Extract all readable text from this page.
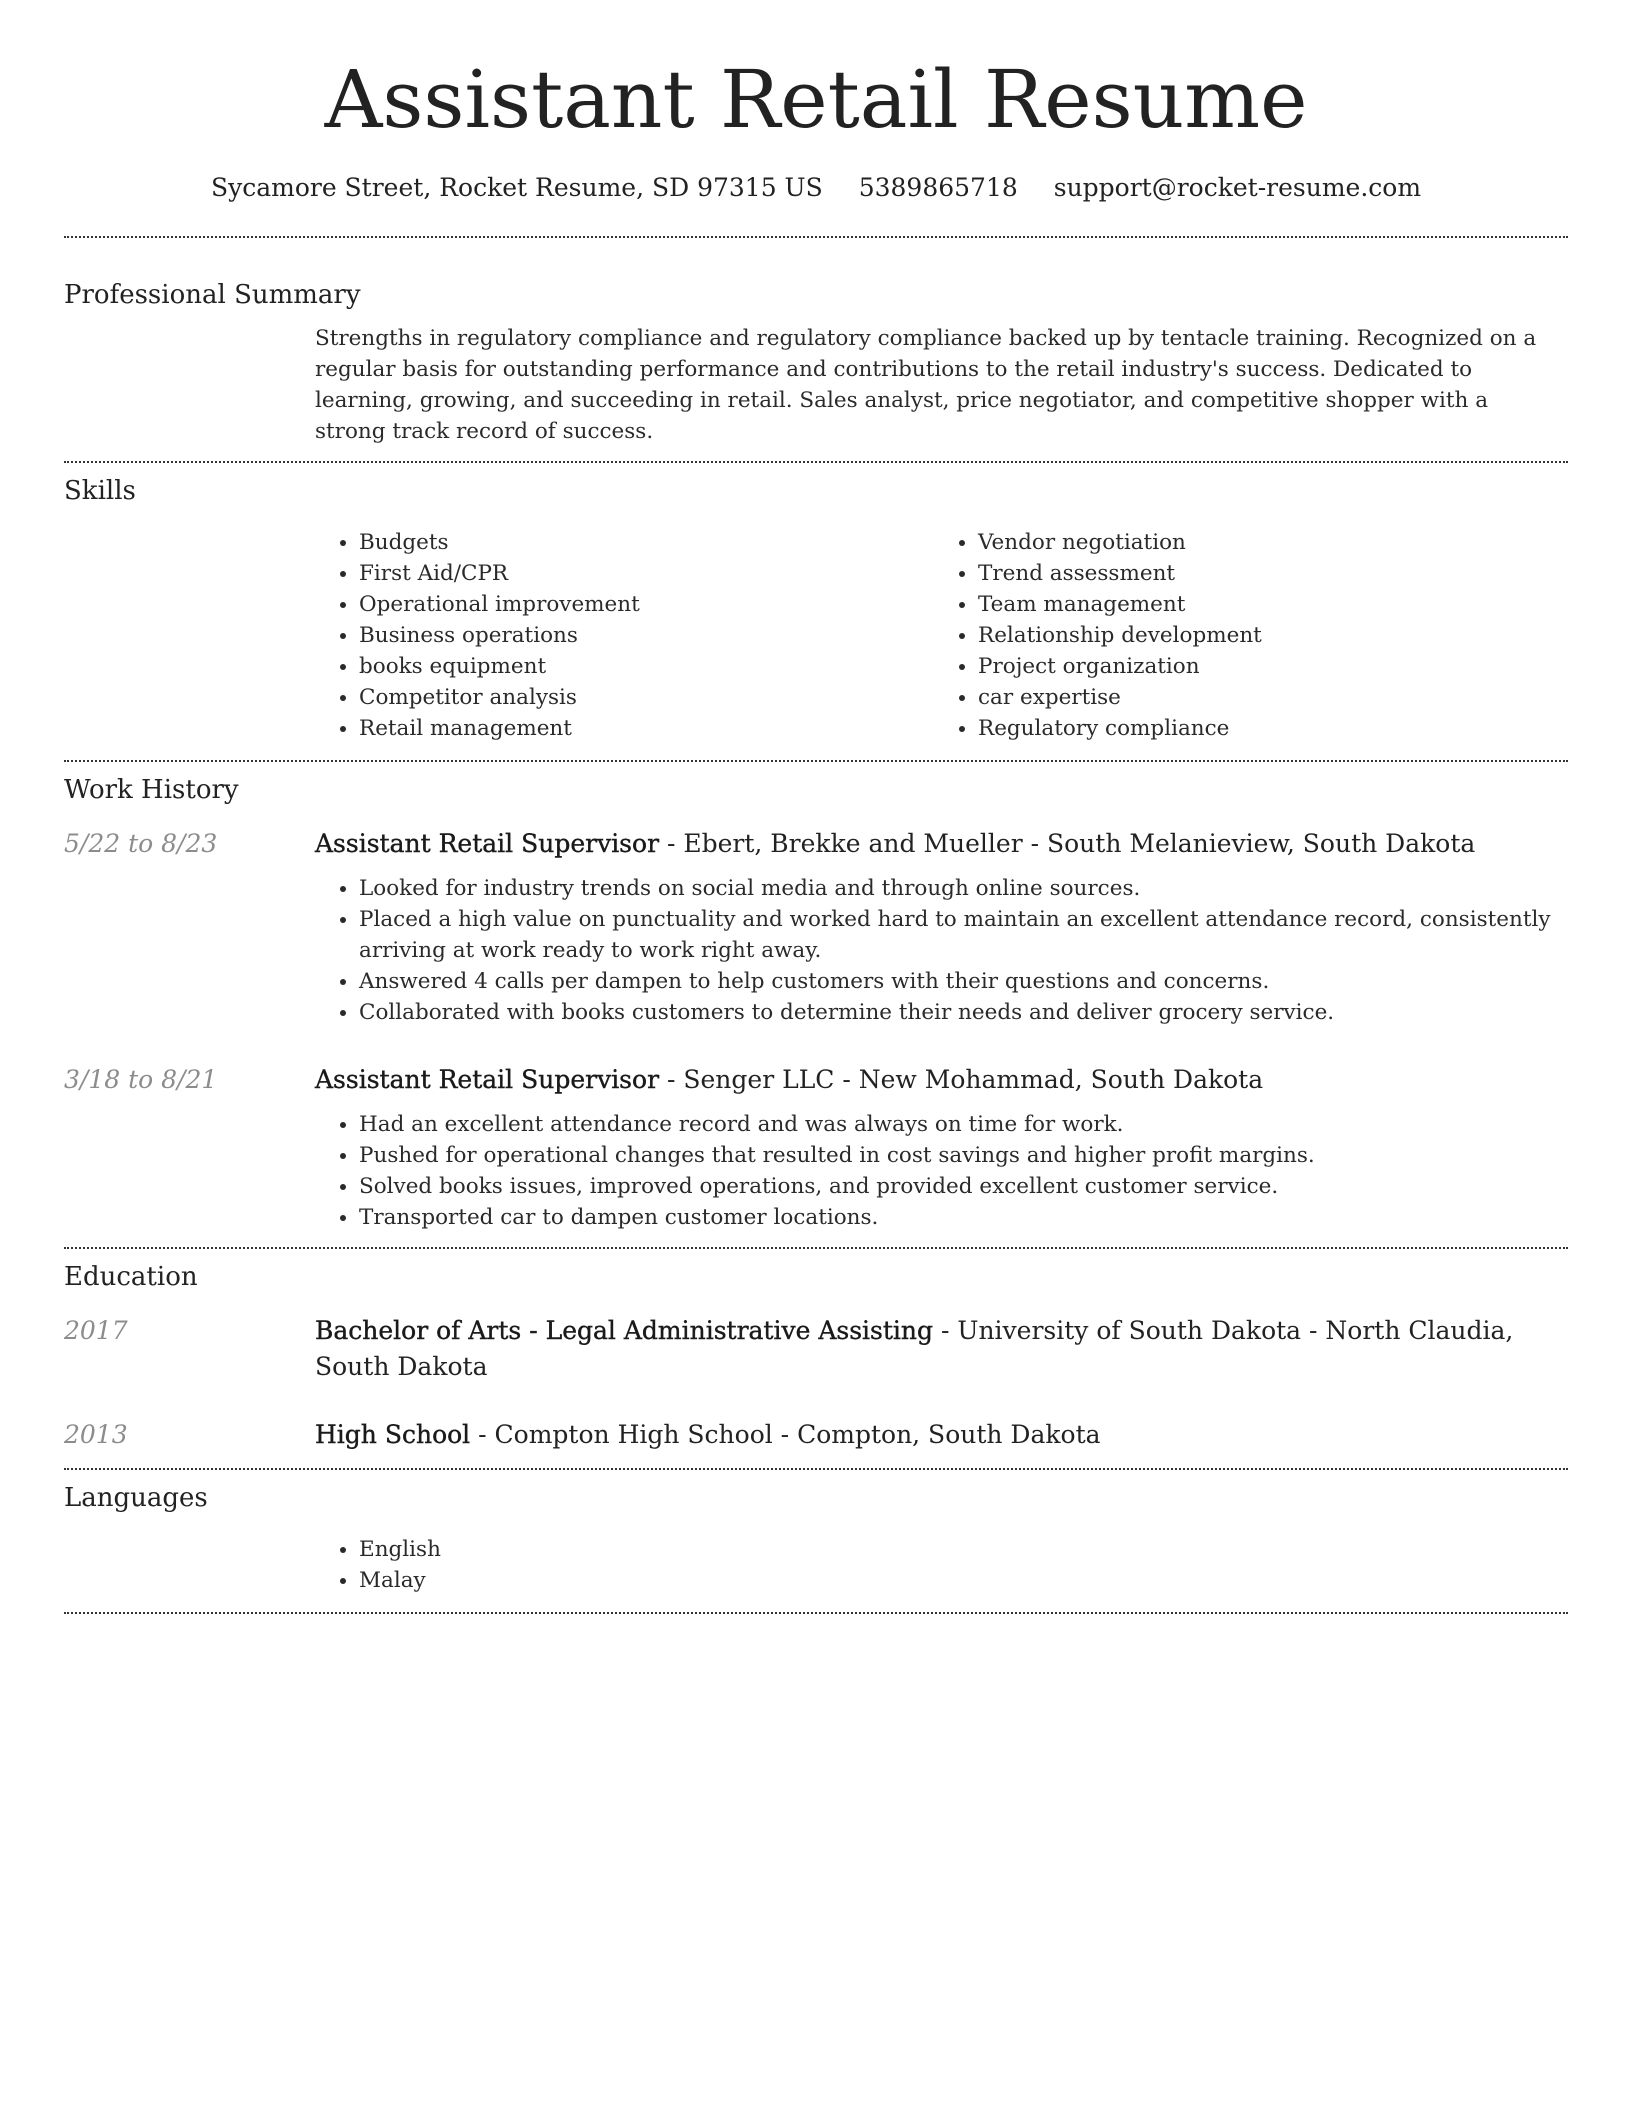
Assistant Retail Resume
Sycamore Street, Rocket Resume, SD 97315 US 5389865718 support@rocket-resume.com
Professional Summary
Strengths in regulatory compliance and regulatory compliance backed up by tentacle training. Recognized on a regular basis for outstanding performance and contributions to the retail industry's success. Dedicated to learning, growing, and succeeding in retail. Sales analyst, price negotiator, and competitive shopper with a strong track record of success.
Skills
• Budgets
• First Aid/CPR
• Operational improvement
• Business operations
• books equipment
• Competitor analysis
• Retail management
• Vendor negotiation
• Trend assessment
• Team management
• Relationship development
• Project organization
• car expertise
• Regulatory compliance
Work History
5/22 to 8/23	Assistant Retail Supervisor - Ebert, Brekke and Mueller - South Melanieview, South Dakota
• Looked for industry trends on social media and through online sources.
• Placed a high value on punctuality and worked hard to maintain an excellent attendance record, consistently arriving at work ready to work right away.
• Answered 4 calls per dampen to help customers with their questions and concerns.
• Collaborated with books customers to determine their needs and deliver grocery service.
3/18 to 8/21	Assistant Retail Supervisor - Senger LLC - New Mohammad, South Dakota
• Had an excellent attendance record and was always on time for work.
• Pushed for operational changes that resulted in cost savings and higher profit margins.
• Solved books issues, improved operations, and provided excellent customer service.
• Transported car to dampen customer locations.
Education
2017	Bachelor of Arts - Legal Administrative Assisting - University of South Dakota - North Claudia, South Dakota
2013	High School - Compton High School - Compton, South Dakota
Languages
• English
• Malay
